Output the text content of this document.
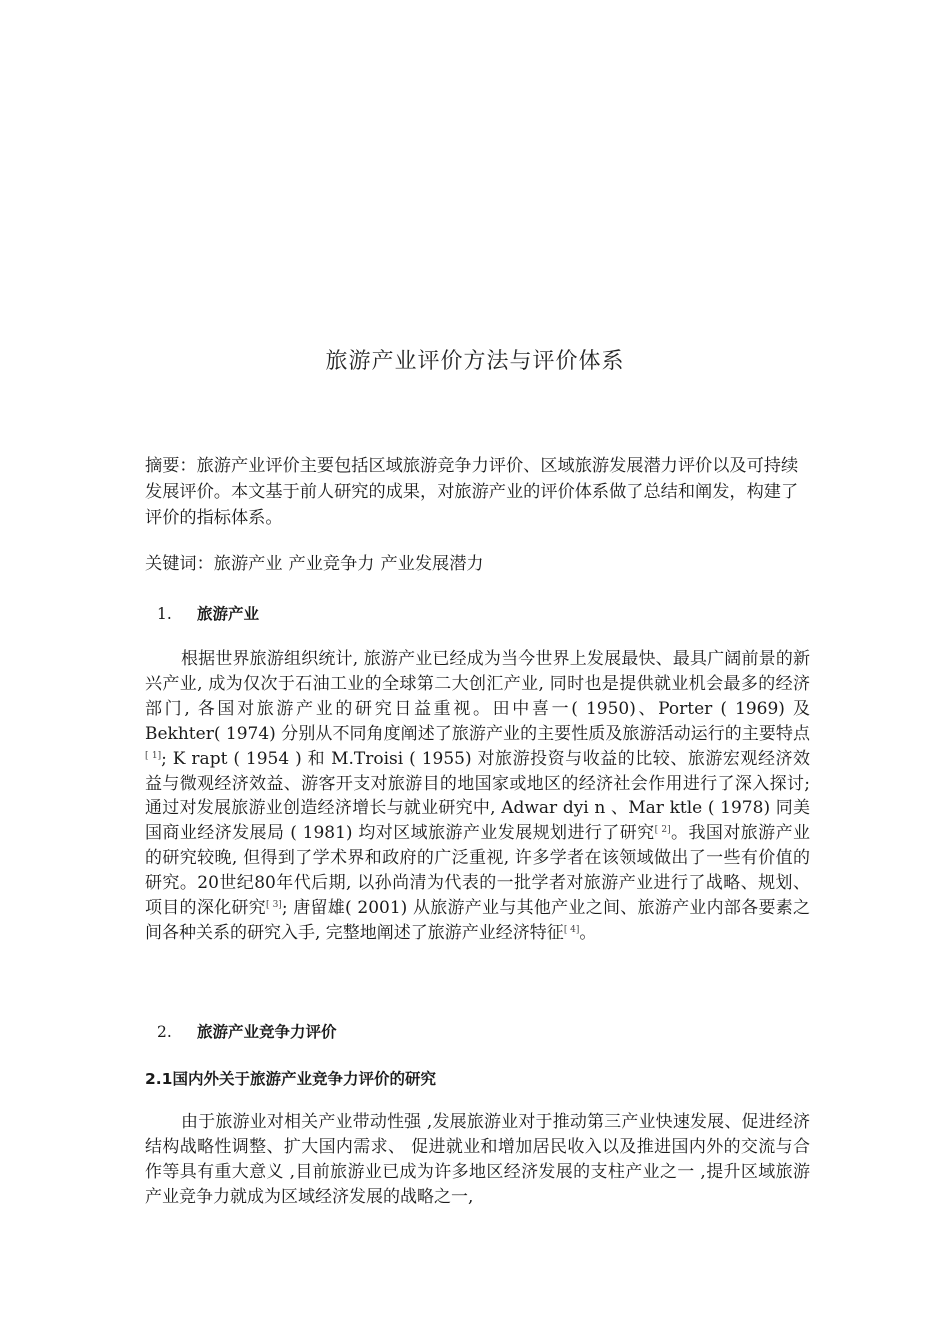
旅游产业评价方法与评价体系
摘要：旅游产业评价主要包括区域旅游竞争力评价、区域旅游发展潜力评价以及可持续发展评价。本文基于前人研究的成果，对旅游产业的评价体系做了总结和阐发，构建了评价的指标体系。
关键词：旅游产业 产业竞争力 产业发展潜力
1. 旅游产业
根据世界旅游组织统计, 旅游产业已经成为当今世界上发展最快、最具广阔前景的新兴产业, 成为仅次于石油工业的全球第二大创汇产业, 同时也是提供就业机会最多的经济部门, 各国对旅游产业的研究日益重视。田中喜一( 1950)、Porter ( 1969) 及 Bekhter( 1974) 分别从不同角度阐述了旅游产业的主要性质及旅游活动运行的主要特点[ 1]; K rapt ( 1954 ) 和 M.Troisi ( 1955) 对旅游投资与收益的比较、旅游宏观经济效益与微观经济效益、游客开支对旅游目的地国家或地区的经济社会作用进行了深入探讨; 通过对发展旅游业创造经济增长与就业研究中, Adwar dyi n 、Mar ktle ( 1978) 同美国商业经济发展局 ( 1981) 均对区域旅游产业发展规划进行了研究[ 2]。我国对旅游产业的研究较晚, 但得到了学术界和政府的广泛重视, 许多学者在该领域做出了一些有价值的研究。20世纪80年代后期, 以孙尚清为代表的一批学者对旅游产业进行了战略、规划、项目的深化研究[ 3]; 唐留雄( 2001) 从旅游产业与其他产业之间、旅游产业内部各要素之间各种关系的研究入手, 完整地阐述了旅游产业经济特征[ 4]。
2. 旅游产业竞争力评价
2.1国内外关于旅游产业竞争力评价的研究
由于旅游业对相关产业带动性强 ,发展旅游业对于推动第三产业快速发展、促进经济结构战略性调整、扩大国内需求、 促进就业和增加居民收入以及推进国内外的交流与合作等具有重大意义 ,目前旅游业已成为许多地区经济发展的支柱产业之一 ,提升区域旅游产业竞争力就成为区域经济发展的战略之一,
